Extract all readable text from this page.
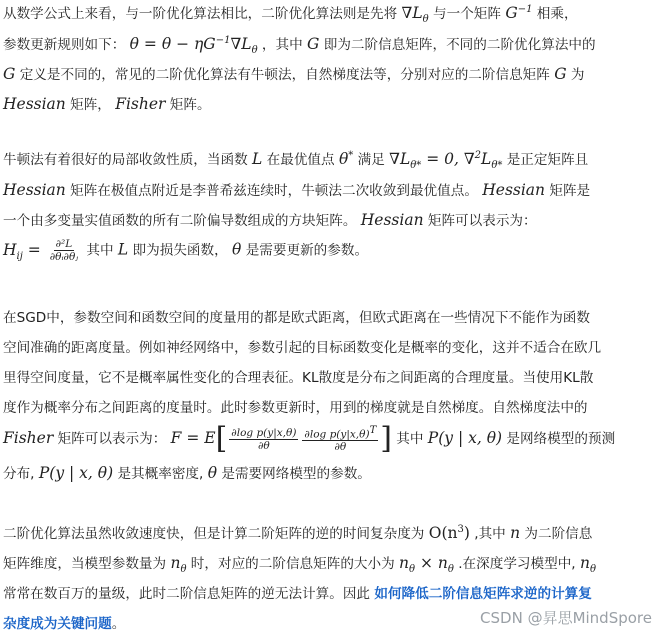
从数学公式上来看，与一阶优化算法相比，二阶优化算法则是先将 $\nabla L_\theta$ 与一个矩阵 $G^{-1}$ 相乘，
参数更新规则如下： $\theta = \theta - \eta G^{-1}\nabla L_\theta$ ，其中 G 即为二阶信息矩阵，不同的二阶优化算法中的
G 定义是不同的，常见的二阶优化算法有牛顿法，自然梯度法等，分别对应的二阶信息矩阵 G 为
Hessian 矩阵， Fisher 矩阵。
牛顿法有着很好的局部收敛性质，当函数 L 在最优值点 θ* 满足 $\nabla L_{\theta*} = 0$, $\nabla^2L_{\theta*}$ 是正定矩阵且
Hessian 矩阵在极值点附近是李普希兹连续时，牛顿法二次收敛到最优值点。 Hessian 矩阵是
一个由多变量实值函数的所有二阶偏导数组成的方块矩阵。 Hessian 矩阵可以表示为：
$H_{ij} = \frac{\text{∂²L}}{\text{∂θᵢ∂θⱼ}}$ 其中 L 即为损失函数， θ 是需要更新的参数。
在SGD中，参数空间和函数空间的度量用的都是欧式距离，但欧式距离在一些情况下不能作为函数
空间准确的距离度量。例如神经网络中，参数引起的目标函数变化是概率的变化，这并不适合在欧几
里得空间度量，它不是概率属性变化的合理表征。KL散度是分布之间距离的合理度量。当使用KL散
度作为概率分布之间距离的度量时。此时参数更新时，用到的梯度就是自然梯度。自然梯度法中的
Fisher 矩阵可以表示为： $F = E[ \frac{\text{∂log p(y|x,θ)}}{\partial\theta} \frac{\partial\log p(y|x,\theta)^T}{\partial\theta}$ ] 其中 P(y | x, θ) 是网络模型的预测
分布, P(y | x, θ) 是其概率密度, θ 是需要网络模型的参数。
二阶优化算法虽然收敛速度快，但是计算二阶矩阵的逆的时间复杂度为 $O(n^3)$ ,其中 n 为二阶信息
矩阵维度，当模型参数量为 $n_\theta$ 时，对应的二阶信息矩阵的大小为 $n_\theta \times n_\theta$ .在深度学习模型中, $n_\theta$
常常在数百万的量级，此时二阶信息矩阵的逆无法计算。因此 如何降低二阶信息矩阵求逆的计算复
杂度成为关键问题。	CSDN @昇思MindSpore
